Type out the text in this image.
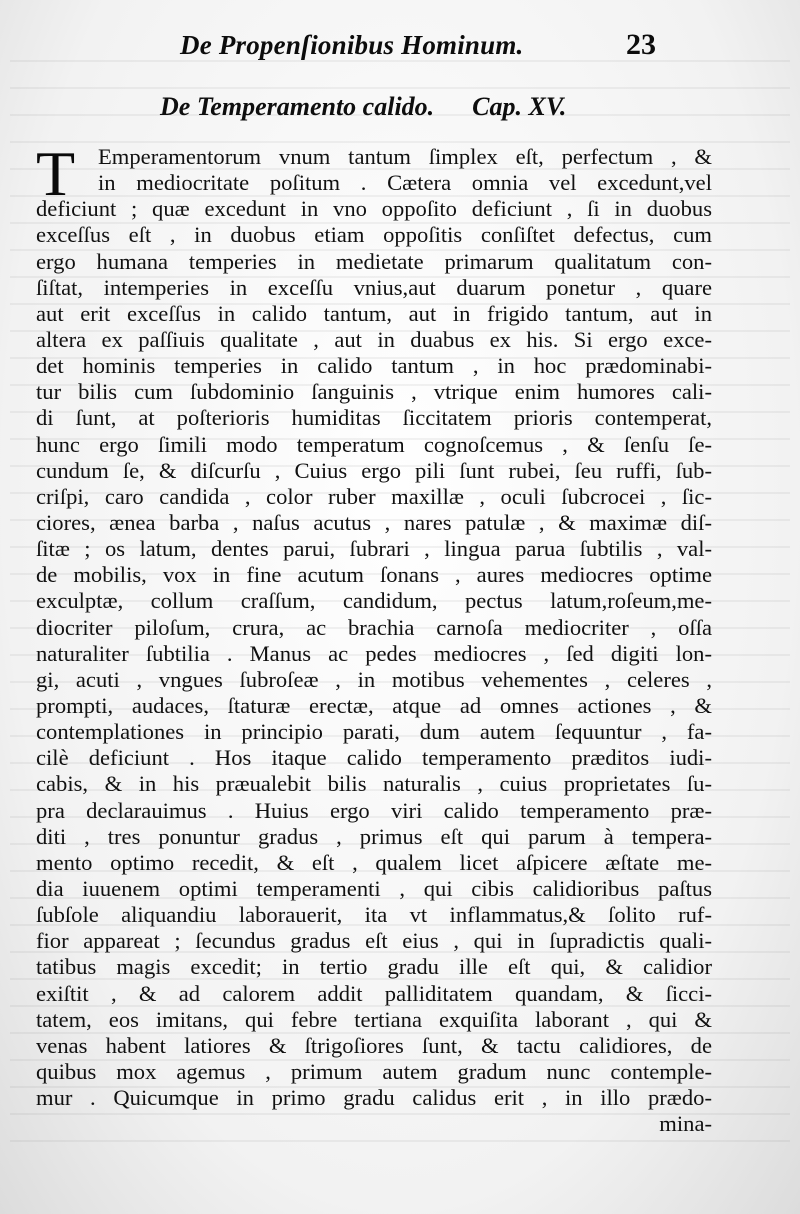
De Propenſionibus Hominum.	23
De Temperamento calido. Cap. XV.
T	Emperamentorum vnum tantum ſimplex eſt, perfectum , &
in mediocritate poſitum . Cætera omnia vel excedunt,vel
deficiunt ; quæ excedunt in vno oppoſito deficiunt , ſi in duobus
exceſſus eſt , in duobus etiam oppoſitis conſiſtet defectus, cum
ergo humana temperies in medietate primarum qualitatum con-
ſiſtat, intemperies in exceſſu vnius,aut duarum ponetur , quare
aut erit exceſſus in calido tantum, aut in frigido tantum, aut in
altera ex paſſiuis qualitate , aut in duabus ex his. Si ergo exce-
det hominis temperies in calido tantum , in hoc prædominabi-
tur bilis cum ſubdominio ſanguinis , vtrique enim humores cali-
di ſunt, at poſterioris humiditas ſiccitatem prioris contemperat,
hunc ergo ſimili modo temperatum cognoſcemus , & ſenſu ſe-
cundum ſe, & diſcurſu , Cuius ergo pili ſunt rubei, ſeu ruffi, ſub-
criſpi, caro candida , color ruber maxillæ , oculi ſubcrocei , ſic-
ciores, ænea barba , naſus acutus , nares patulæ , & maximæ diſ-
ſitæ ; os latum, dentes parui, ſubrari , lingua parua ſubtilis , val-
de mobilis, vox in fine acutum ſonans , aures mediocres optime
exculptæ, collum craſſum, candidum, pectus latum,roſeum,me-
diocriter piloſum, crura, ac brachia carnoſa mediocriter , oſſa
naturaliter ſubtilia . Manus ac pedes mediocres , ſed digiti lon-
gi, acuti , vngues ſubroſeæ , in motibus vehementes , celeres ,
prompti, audaces, ſtaturæ erectæ, atque ad omnes actiones , &
contemplationes in principio parati, dum autem ſequuntur , fa-
cilè deficiunt . Hos itaque calido temperamento præditos iudi-
cabis, & in his præualebit bilis naturalis , cuius proprietates ſu-
pra declarauimus . Huius ergo viri calido temperamento præ-
diti , tres ponuntur gradus , primus eſt qui parum à tempera-
mento optimo recedit, & eſt , qualem licet aſpicere æſtate me-
dia iuuenem optimi temperamenti , qui cibis calidioribus paſtus
ſubſole aliquandiu laborauerit, ita vt inflammatus,& ſolito ruf-
fior appareat ; ſecundus gradus eſt eius , qui in ſupradictis quali-
tatibus magis excedit; in tertio gradu ille eſt qui, & calidior
exiſtit , & ad calorem addit palliditatem quandam, & ſicci-
tatem, eos imitans, qui febre tertiana exquiſita laborant , qui &
venas habent latiores & ſtrigoſiores ſunt, & tactu calidiores, de
quibus mox agemus , primum autem gradum nunc contemple-
mur . Quicumque in primo gradu calidus erit , in illo prædo-
mina-
